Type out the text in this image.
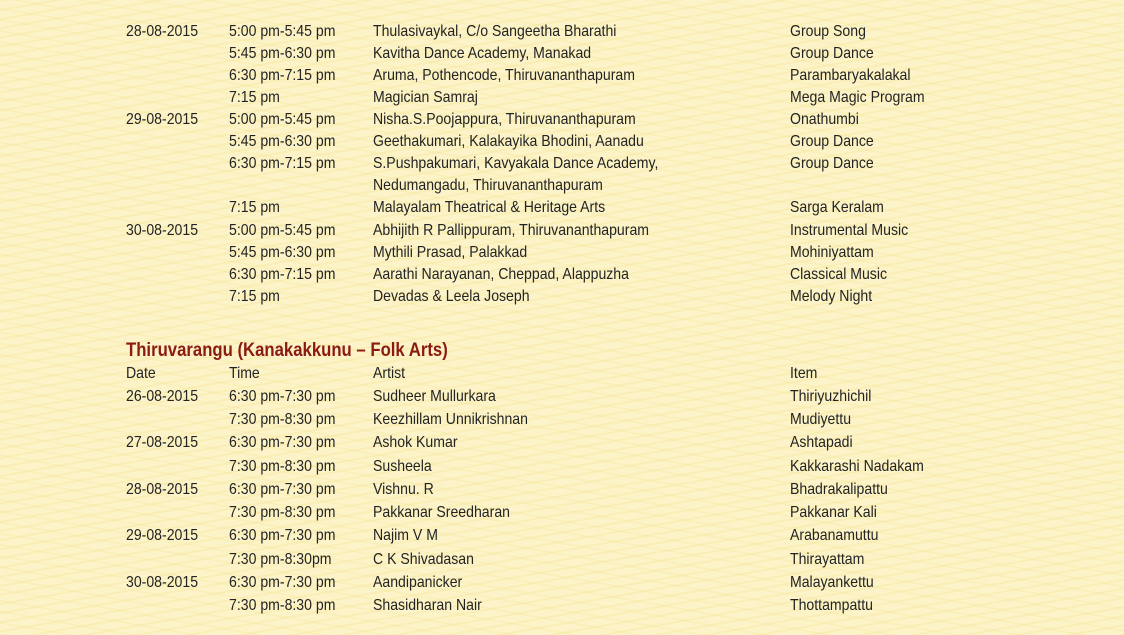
28-08-2015 5:00 pm-5:45 pm Thulasivaykal, C/o Sangeetha Bharathi	Group Song
5:45 pm-6:30 pm Kavitha Dance Academy, Manakad	Group Dance
6:30 pm-7:15 pm Aruma, Pothencode, Thiruvananthapuram	Parambaryakalakal
7:15 pm	Magician Samraj	Mega Magic Program
29-08-2015 5:00 pm-5:45 pm Nisha.S.Poojappura, Thiruvananthapuram	Onathumbi
5:45 pm-6:30 pm Geethakumari, Kalakayika Bhodini, Aanadu	Group Dance
6:30 pm-7:15 pm S.Pushpakumari, Kavyakala Dance Academy,	Group Dance
Nedumangadu, Thiruvananthapuram
7:15 pm	Malayalam Theatrical & Heritage Arts	Sarga Keralam
30-08-2015 5:00 pm-5:45 pm Abhijith R Pallippuram, Thiruvananthapuram	Instrumental Music
5:45 pm-6:30 pm Mythili Prasad, Palakkad	Mohiniyattam
6:30 pm-7:15 pm Aarathi Narayanan, Cheppad, Alappuzha	Classical Music
7:15 pm	Devadas & Leela Joseph	Melody Night
Thiruvarangu (Kanakakkunu – Folk Arts)
Date	Time	Artist	Item
26-08-2015 6:30 pm-7:30 pm Sudheer Mullurkara	Thiriyuzhichil
7:30 pm-8:30 pm Keezhillam Unnikrishnan	Mudiyettu
27-08-2015 6:30 pm-7:30 pm Ashok Kumar	Ashtapadi
7:30 pm-8:30 pm Susheela	Kakkarashi Nadakam
28-08-2015 6:30 pm-7:30 pm Vishnu. R	Bhadrakalipattu
7:30 pm-8:30 pm Pakkanar Sreedharan	Pakkanar Kali
29-08-2015 6:30 pm-7:30 pm Najim V M	Arabanamuttu
7:30 pm-8:30pm	C K Shivadasan	Thirayattam
30-08-2015 6:30 pm-7:30 pm Aandipanicker	Malayankettu
7:30 pm-8:30 pm Shasidharan Nair	Thottampattu
